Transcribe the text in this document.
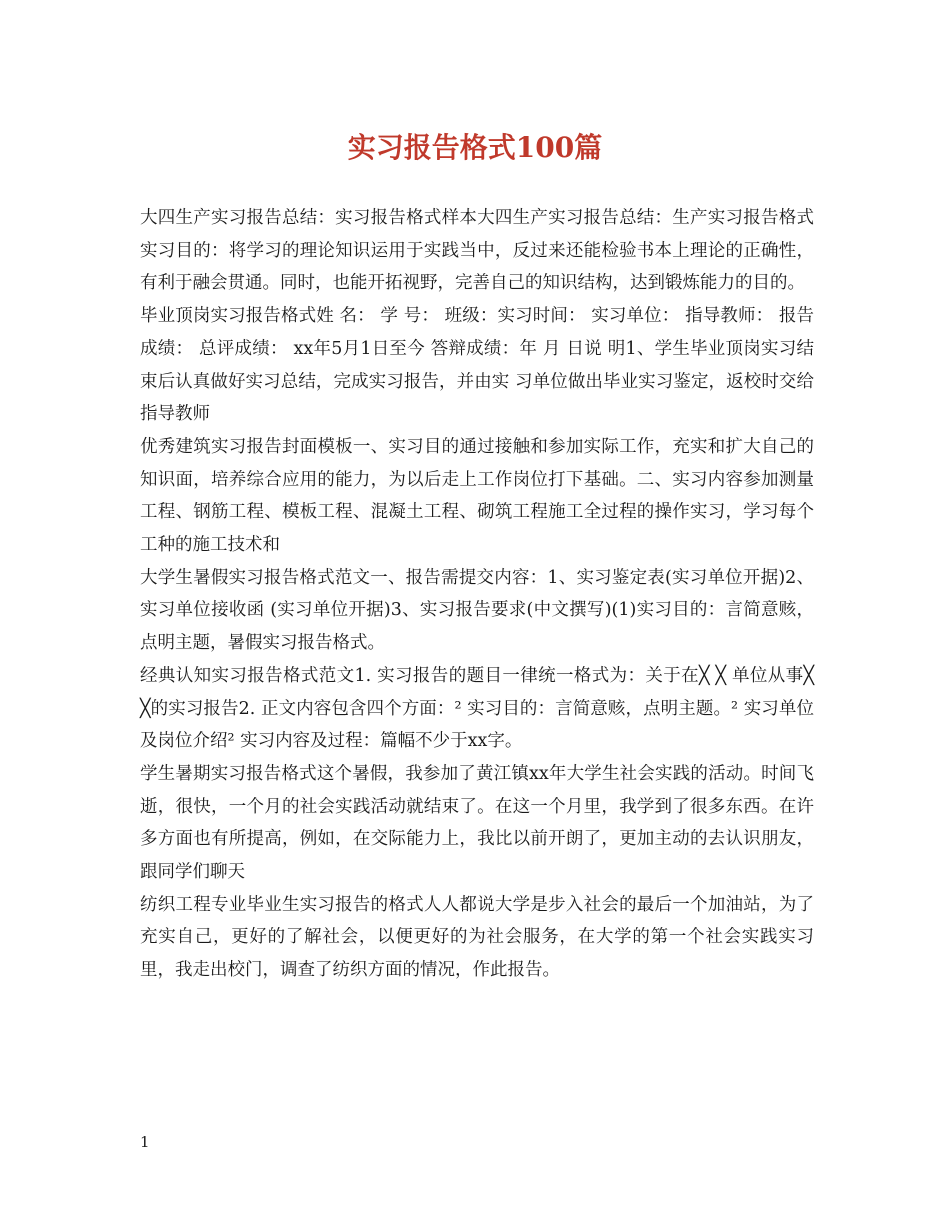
实习报告格式100篇

大四生产实习报告总结：实习报告格式样本大四生产实习报告总结：生产实习报告格式实习目的：将学习的理论知识运用于实践当中，反过来还能检验书本上理论的正确性，有利于融会贯通。同时，也能开拓视野，完善自己的知识结构，达到锻炼能力的目的。

毕业顶岗实习报告格式姓 名： 学 号： 班级：实习时间： 实习单位： 指导教师： 报告成绩： 总评成绩： xx年5月1日至今 答辩成绩：年 月 日说 明1、学生毕业顶岗实习结束后认真做好实习总结，完成实习报告，并由实 习单位做出毕业实习鉴定，返校时交给指导教师

优秀建筑实习报告封面模板一、实习目的通过接触和参加实际工作，充实和扩大自己的知识面，培养综合应用的能力，为以后走上工作岗位打下基础。二、实习内容参加测量工程、钢筋工程、模板工程、混凝土工程、砌筑工程施工全过程的操作实习，学习每个工种的施工技术和

大学生暑假实习报告格式范文一、报告需提交内容：1、实习鉴定表(实习单位开据)2、实习单位接收函 (实习单位开据)3、实习报告要求(中文撰写)(1)实习目的：言简意赅，点明主题，暑假实习报告格式。

经典认知实习报告格式范文1. 实习报告的题目一律统一格式为：关于在╳ ╳ 单位从事╳ ╳的实习报告2. 正文内容包含四个方面：² 实习目的：言简意赅，点明主题。² 实习单位及岗位介绍² 实习内容及过程：篇幅不少于xx字。

学生暑期实习报告格式这个暑假，我参加了黄江镇xx年大学生社会实践的活动。时间飞逝，很快，一个月的社会实践活动就结束了。在这一个月里，我学到了很多东西。在许多方面也有所提高，例如，在交际能力上，我比以前开朗了，更加主动的去认识朋友，跟同学们聊天

纺织工程专业毕业生实习报告的格式人人都说大学是步入社会的最后一个加油站，为了充实自己，更好的了解社会，以便更好的为社会服务，在大学的第一个社会实践实习里，我走出校门，调查了纺织方面的情况，作此报告。

1
